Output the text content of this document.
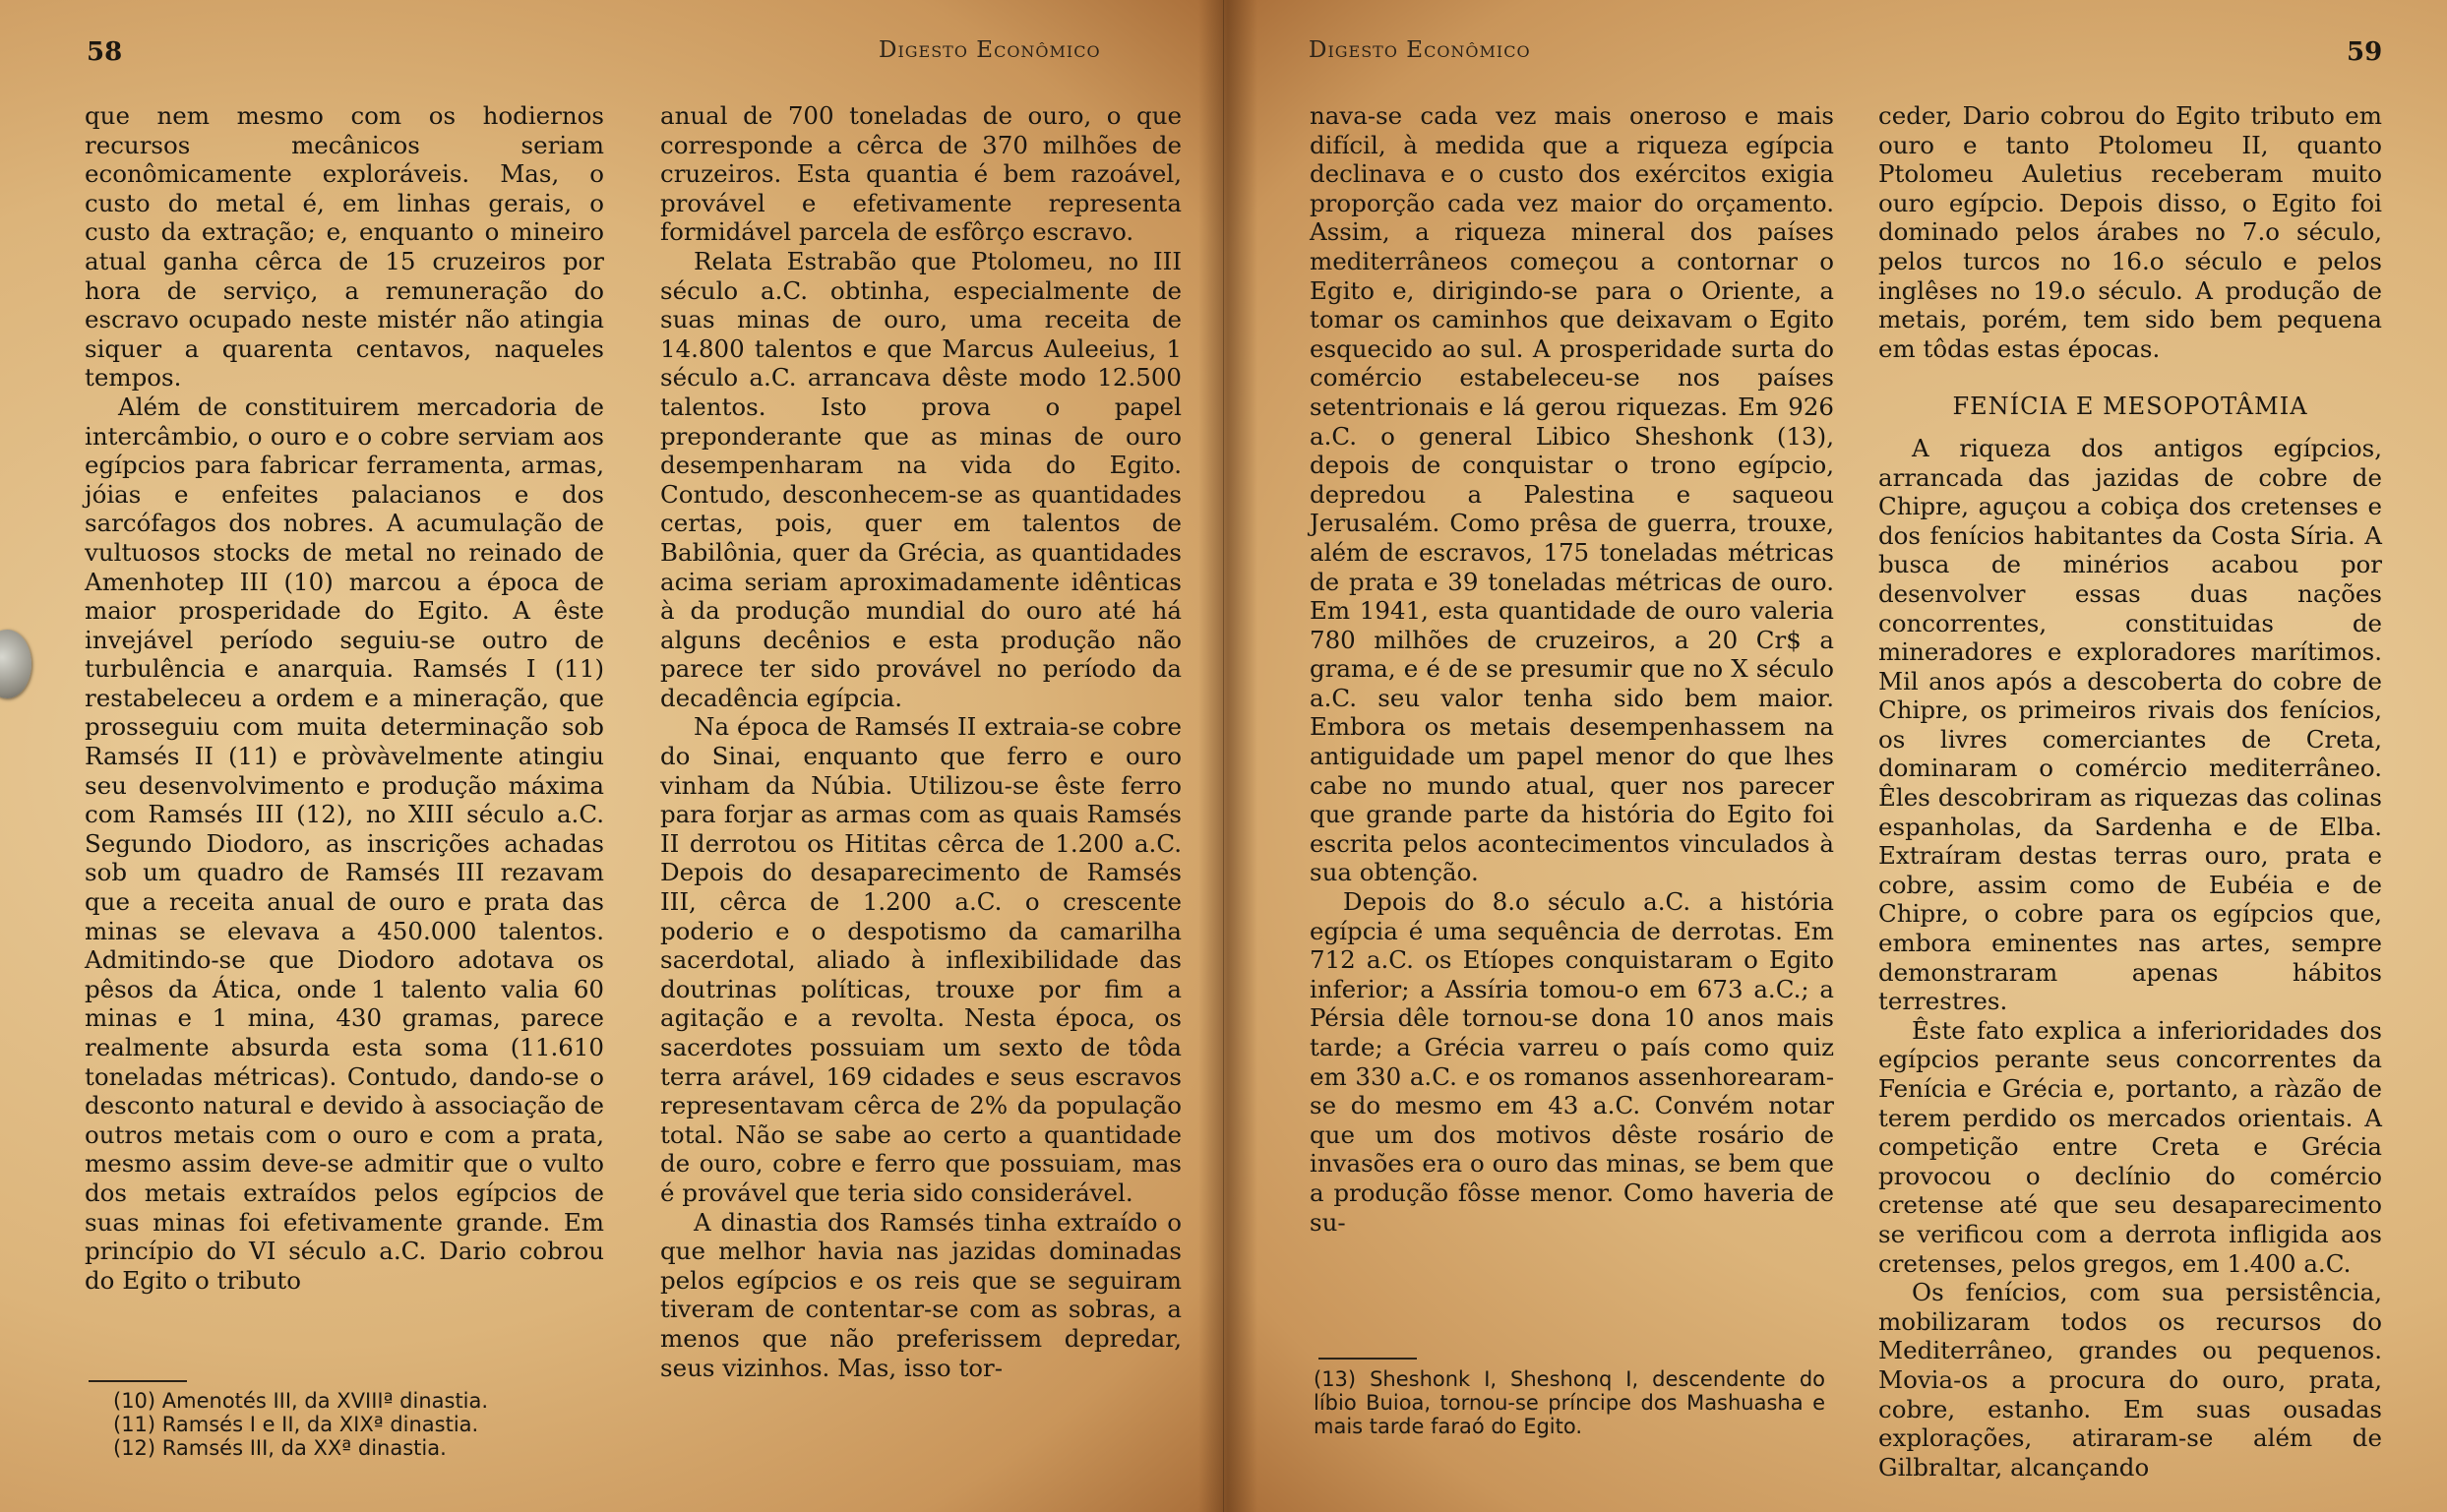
58	Digesto Econômico

que nem mesmo com os hodiernos recursos mecânicos seriam econômicamente exploráveis. Mas, o custo do metal é, em linhas gerais, o custo da extração; e, enquanto o mineiro atual ganha cêrca de 15 cruzeiros por hora de serviço, a remuneração do escravo ocupado neste mistér não atingia siquer a quarenta centavos, naqueles tempos.

Além de constituirem mercadoria de intercâmbio, o ouro e o cobre serviam aos egípcios para fabricar ferramenta, armas, jóias e enfeites palacianos e dos sarcófagos dos nobres. A acumulação de vultuosos stocks de metal no reinado de Amenhotep III (10) marcou a época de maior prosperidade do Egito. A êste invejável período seguiu-se outro de turbulência e anarquia. Ramsés I (11) restabeleceu a ordem e a mineração, que prosseguiu com muita determinação sob Ramsés II (11) e pròvàvelmente atingiu seu desenvolvimento e produção máxima com Ramsés III (12), no XIII século a.C. Segundo Diodoro, as inscrições achadas sob um quadro de Ramsés III rezavam que a receita anual de ouro e prata das minas se elevava a 450.000 talentos. Admitindo-se que Diodoro adotava os pêsos da Ática, onde 1 talento valia 60 minas e 1 mina, 430 gramas, parece realmente absurda esta soma (11.610 toneladas métricas). Contudo, dando-se o desconto natural e devido à associação de outros metais com o ouro e com a prata, mesmo assim deve-se admitir que o vulto dos metais extraídos pelos egípcios de suas minas foi efetivamente grande. Em princípio do VI século a.C. Dario cobrou do Egito o tributo

anual de 700 toneladas de ouro, o que corresponde a cêrca de 370 milhões de cruzeiros. Esta quantia é bem razoável, provável e efetivamente representa formidável parcela de esfôrço escravo.

Relata Estrabão que Ptolomeu, no III século a.C. obtinha, especialmente de suas minas de ouro, uma receita de 14.800 talentos e que Marcus Auleeius, 1 século a.C. arrancava dêste modo 12.500 talentos. Isto prova o papel preponderante que as minas de ouro desempenharam na vida do Egito. Contudo, desconhecem-se as quantidades certas, pois, quer em talentos de Babilônia, quer da Grécia, as quantidades acima seriam aproximadamente idênticas à da produção mundial do ouro até há alguns decênios e esta produção não parece ter sido provável no período da decadência egípcia.

Na época de Ramsés II extraia-se cobre do Sinai, enquanto que ferro e ouro vinham da Núbia. Utilizou-se êste ferro para forjar as armas com as quais Ramsés II derrotou os Hititas cêrca de 1.200 a.C. Depois do desaparecimento de Ramsés III, cêrca de 1.200 a.C. o crescente poderio e o despotismo da camarilha sacerdotal, aliado à inflexibilidade das doutrinas políticas, trouxe por fim a agitação e a revolta. Nesta época, os sacerdotes possuiam um sexto de tôda terra arável, 169 cidades e seus escravos representavam cêrca de 2% da população total. Não se sabe ao certo a quantidade de ouro, cobre e ferro que possuiam, mas é provável que teria sido considerável.

A dinastia dos Ramsés tinha extraído o que melhor havia nas jazidas dominadas pelos egípcios e os reis que se seguiram tiveram de contentar-se com as sobras, a menos que não preferissem depredar, seus vizinhos. Mas, isso tor-

(10) Amenotés III, da XVIIIª dinastia.
(11) Ramsés I e II, da XIXª dinastia.
(12) Ramsés III, da XXª dinastia.
Digesto Econômico	59

nava-se cada vez mais oneroso e mais difícil, à medida que a riqueza egípcia declinava e o custo dos exércitos exigia proporção cada vez maior do orçamento. Assim, a riqueza mineral dos países mediterrâneos começou a contornar o Egito e, dirigindo-se para o Oriente, a tomar os caminhos que deixavam o Egito esquecido ao sul. A prosperidade surta do comércio estabeleceu-se nos países setentrionais e lá gerou riquezas. Em 926 a.C. o general Libico Sheshonk (13), depois de conquistar o trono egípcio, depredou a Palestina e saqueou Jerusalém. Como prêsa de guerra, trouxe, além de escravos, 175 toneladas métricas de prata e 39 toneladas métricas de ouro. Em 1941, esta quantidade de ouro valeria 780 milhões de cruzeiros, a 20 Cr$ a grama, e é de se presumir que no X século a.C. seu valor tenha sido bem maior. Embora os metais desempenhassem na antiguidade um papel menor do que lhes cabe no mundo atual, quer nos parecer que grande parte da história do Egito foi escrita pelos acontecimentos vinculados à sua obtenção.

Depois do 8.o século a.C. a história egípcia é uma sequência de derrotas. Em 712 a.C. os Etíopes conquistaram o Egito inferior; a Assíria tomou-o em 673 a.C.; a Pérsia dêle tornou-se dona 10 anos mais tarde; a Grécia varreu o país como quiz em 330 a.C. e os romanos assenhorearam-se do mesmo em 43 a.C. Convém notar que um dos motivos dêste rosário de invasões era o ouro das minas, se bem que a produção fôsse menor. Como haveria de su-

ceder, Dario cobrou do Egito tributo em ouro e tanto Ptolomeu II, quanto Ptolomeu Auletius receberam muito ouro egípcio. Depois disso, o Egito foi dominado pelos árabes no 7.o século, pelos turcos no 16.o século e pelos inglêses no 19.o século. A produção de metais, porém, tem sido bem pequena em tôdas estas épocas.

FENÍCIA E MESOPOTÂMIA

A riqueza dos antigos egípcios, arrancada das jazidas de cobre de Chipre, aguçou a cobiça dos cretenses e dos fenícios habitantes da Costa Síria. A busca de minérios acabou por desenvolver essas duas nações concorrentes, constituidas de mineradores e exploradores marítimos. Mil anos após a descoberta do cobre de Chipre, os primeiros rivais dos fenícios, os livres comerciantes de Creta, dominaram o comércio mediterrâneo. Êles descobriram as riquezas das colinas espanholas, da Sardenha e de Elba. Extraíram destas terras ouro, prata e cobre, assim como de Eubéia e de Chipre, o cobre para os egípcios que, embora eminentes nas artes, sempre demonstraram apenas hábitos terrestres.

Êste fato explica a inferioridades dos egípcios perante seus concorrentes da Fenícia e Grécia e, portanto, a ràzão de terem perdido os mercados orientais. A competição entre Creta e Grécia provocou o declínio do comércio cretense até que seu desaparecimento se verificou com a derrota infligida aos cretenses, pelos gregos, em 1.400 a.C.

Os fenícios, com sua persistência, mobilizaram todos os recursos do Mediterrâneo, grandes ou pequenos. Movia-os a procura do ouro, prata, cobre, estanho. Em suas ousadas explorações, atiraram-se além de Gilbraltar, alcançando

(13) Sheshonk I, Sheshonq I, descendente do líbio Buioa, tornou-se príncipe dos Mashuasha e mais tarde faraó do Egito.
